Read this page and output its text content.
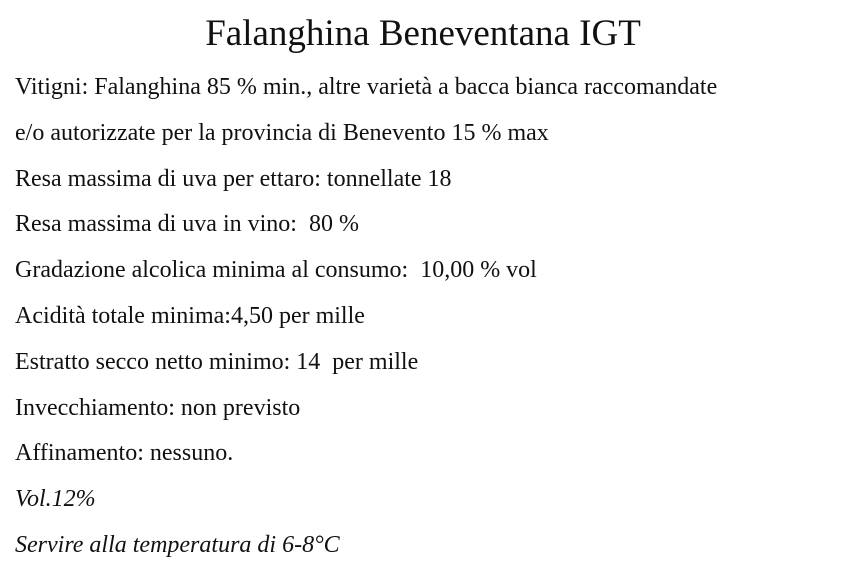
Falanghina Beneventana IGT
Vitigni: Falanghina 85 % min., altre varietà a bacca bianca raccomandate
e/o autorizzate per la provincia di Benevento 15 % max
Resa massima di uva per ettaro: tonnellate 18
Resa massima di uva in vino:  80 %
Gradazione alcolica minima al consumo:  10,00 % vol
Acidità totale minima:4,50 per mille
Estratto secco netto minimo: 14  per mille
Invecchiamento: non previsto
Affinamento: nessuno.
Vol.12%
Servire alla temperatura di 6-8°C
